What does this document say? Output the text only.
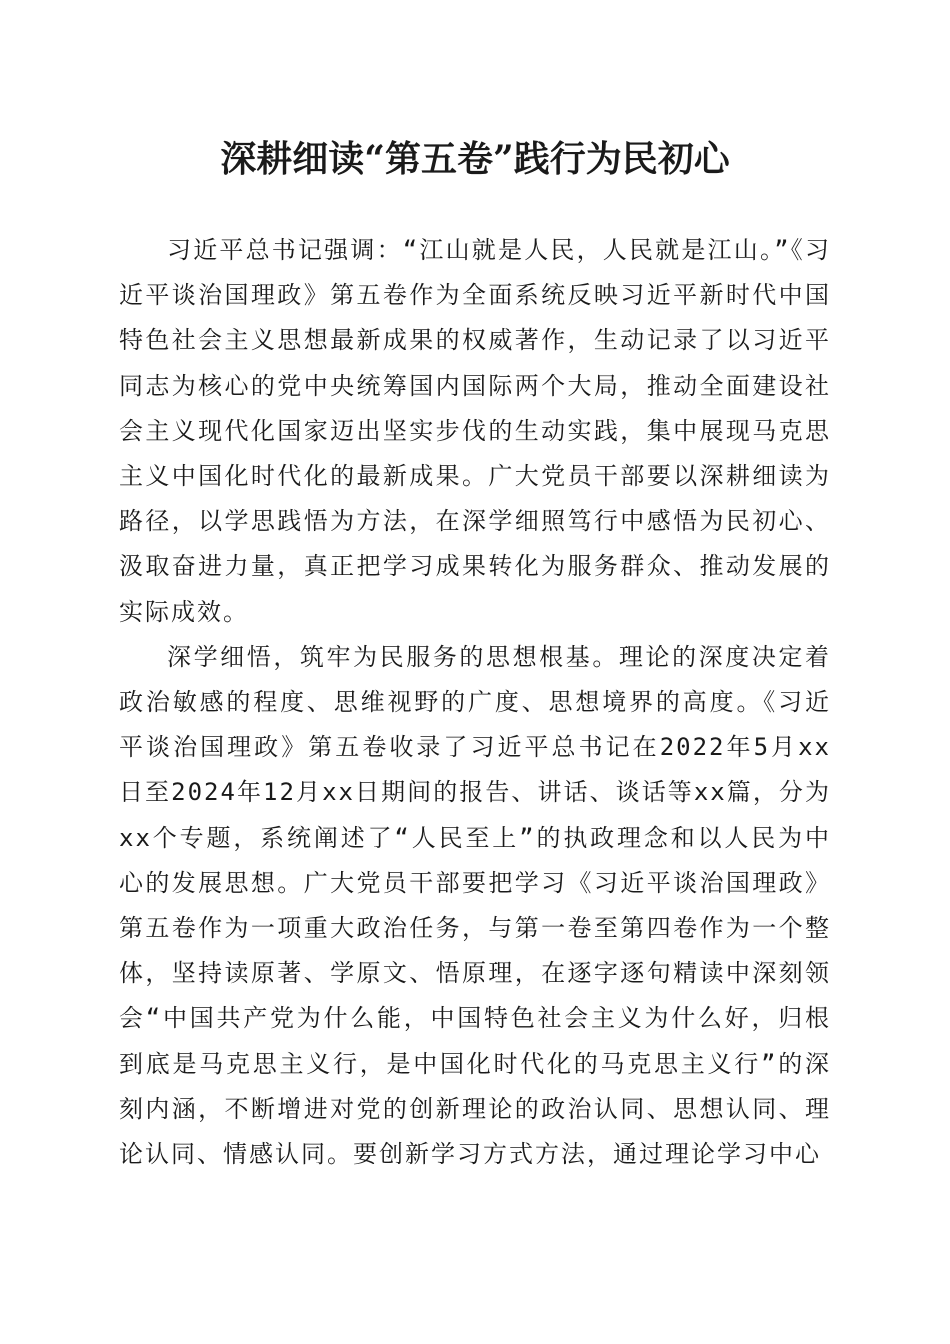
深耕细读“第五卷”践行为民初心

习近平总书记强调：“江山就是人民，人民就是江山。”《习近平谈治国理政》第五卷作为全面系统反映习近平新时代中国特色社会主义思想最新成果的权威著作，生动记录了以习近平同志为核心的党中央统筹国内国际两个大局，推动全面建设社会主义现代化国家迈出坚实步伐的生动实践，集中展现马克思主义中国化时代化的最新成果。广大党员干部要以深耕细读为路径，以学思践悟为方法，在深学细照笃行中感悟为民初心、汲取奋进力量，真正把学习成果转化为服务群众、推动发展的实际成效。

深学细悟，筑牢为民服务的思想根基。理论的深度决定着政治敏感的程度、思维视野的广度、思想境界的高度。《习近平谈治国理政》第五卷收录了习近平总书记在2022年5月xx日至2024年12月xx日期间的报告、讲话、谈话等xx篇，分为xx个专题，系统阐述了“人民至上”的执政理念和以人民为中心的发展思想。广大党员干部要把学习《习近平谈治国理政》第五卷作为一项重大政治任务，与第一卷至第四卷作为一个整体，坚持读原著、学原文、悟原理，在逐字逐句精读中深刻领会“中国共产党为什么能，中国特色社会主义为什么好，归根到底是马克思主义行，是中国化时代化的马克思主义行”的深刻内涵，不断增进对党的创新理论的政治认同、思想认同、理论认同、情感认同。要创新学习方式方法，通过理论学习中心
